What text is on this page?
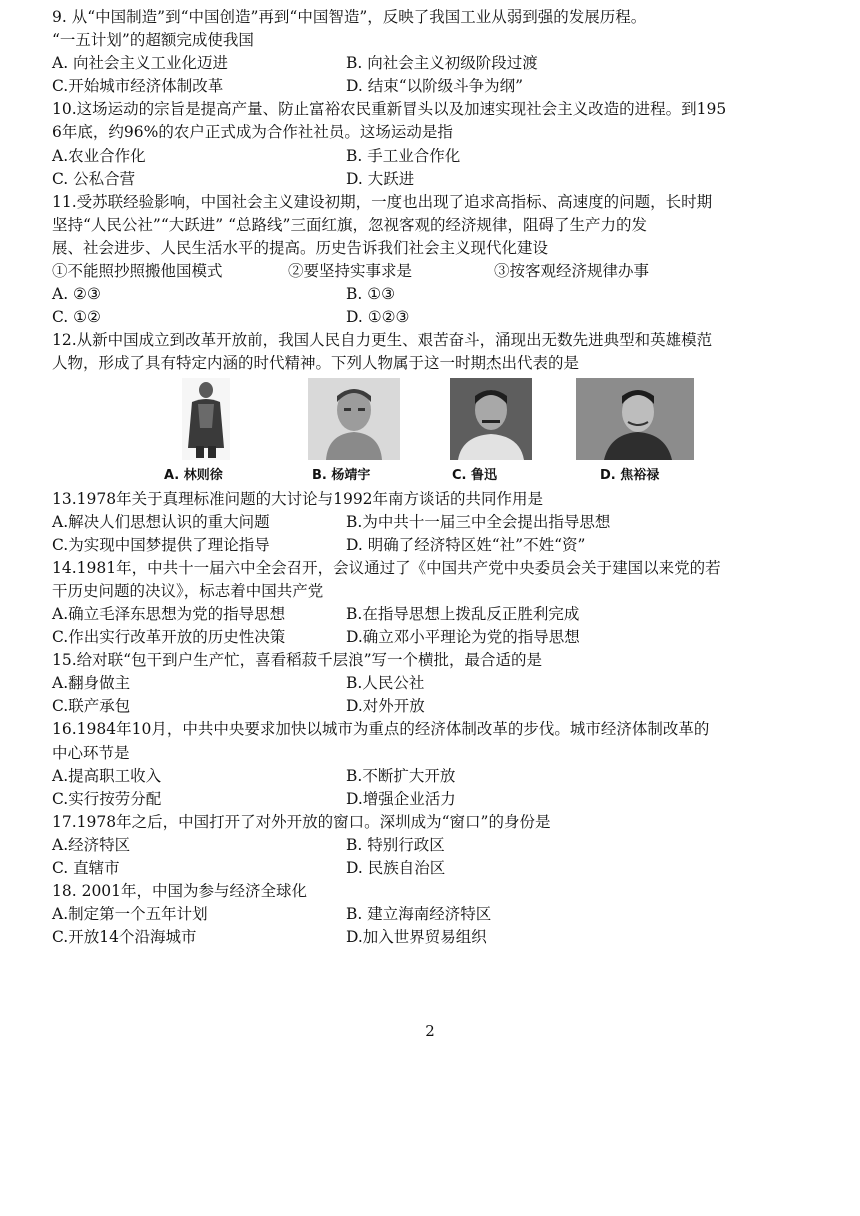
9. 从“中国制造”到“中国创造”再到“中国智造”，反映了我国工业从弱到强的发展历程。
“一五计划”的超额完成使我国
A. 向社会主义工业化迈进	B. 向社会主义初级阶段过渡
C.开始城市经济体制改革	D. 结束“以阶级斗争为纲”
10.这场运动的宗旨是提高产量、防止富裕农民重新冒头以及加速实现社会主义改造的进程。到195
6年底，约96%的农户正式成为合作社社员。这场运动是指
A.农业合作化	B. 手工业合作化
C. 公私合营	D. 大跃进
11.受苏联经验影响，中国社会主义建设初期，一度也出现了追求高指标、高速度的问题，长时期
坚持“人民公社”“大跃进” “总路线”三面红旗，忽视客观的经济规律，阻碍了生产力的发
展、社会进步、人民生活水平的提高。历史告诉我们社会主义现代化建设
①不能照抄照搬他国模式	②要坚持实事求是	③按客观经济规律办事
A. ②③	B. ①③
C. ①②	D. ①②③
12.从新中国成立到改革开放前，我国人民自力更生、艰苦奋斗，涌现出无数先进典型和英雄模范
人物，形成了具有特定内涵的时代精神。下列人物属于这一时期杰出代表的是
A. 林则徐	B. 杨靖宇	C. 鲁迅	D. 焦裕禄
13.1978年关于真理标准问题的大讨论与1992年南方谈话的共同作用是
A.解决人们思想认识的重大问题	B.为中共十一届三中全会提出指导思想
C.为实现中国梦提供了理论指导	D. 明确了经济特区姓“社”不姓“资”
14.1981年，中共十一届六中全会召开，会议通过了《中国共产党中央委员会关于建国以来党的若
干历史问题的决议》，标志着中国共产党
A.确立毛泽东思想为党的指导思想	B.在指导思想上拨乱反正胜利完成
C.作出实行改革开放的历史性决策	D.确立邓小平理论为党的指导思想
15.给对联“包干到户生产忙，喜看稻菽千层浪”写一个横批，最合适的是
A.翻身做主	B.人民公社
C.联产承包	D.对外开放
16.1984年10月，中共中央要求加快以城市为重点的经济体制改革的步伐。城市经济体制改革的
中心环节是
A.提高职工收入	B.不断扩大开放
C.实行按劳分配	D.增强企业活力
17.1978年之后，中国打开了对外开放的窗口。深圳成为“窗口”的身份是
A.经济特区	B. 特别行政区
C. 直辖市	D. 民族自治区
18. 2001年，中国为参与经济全球化
A.制定第一个五年计划	B. 建立海南经济特区
C.开放14个沿海城市	D.加入世界贸易组织
2
